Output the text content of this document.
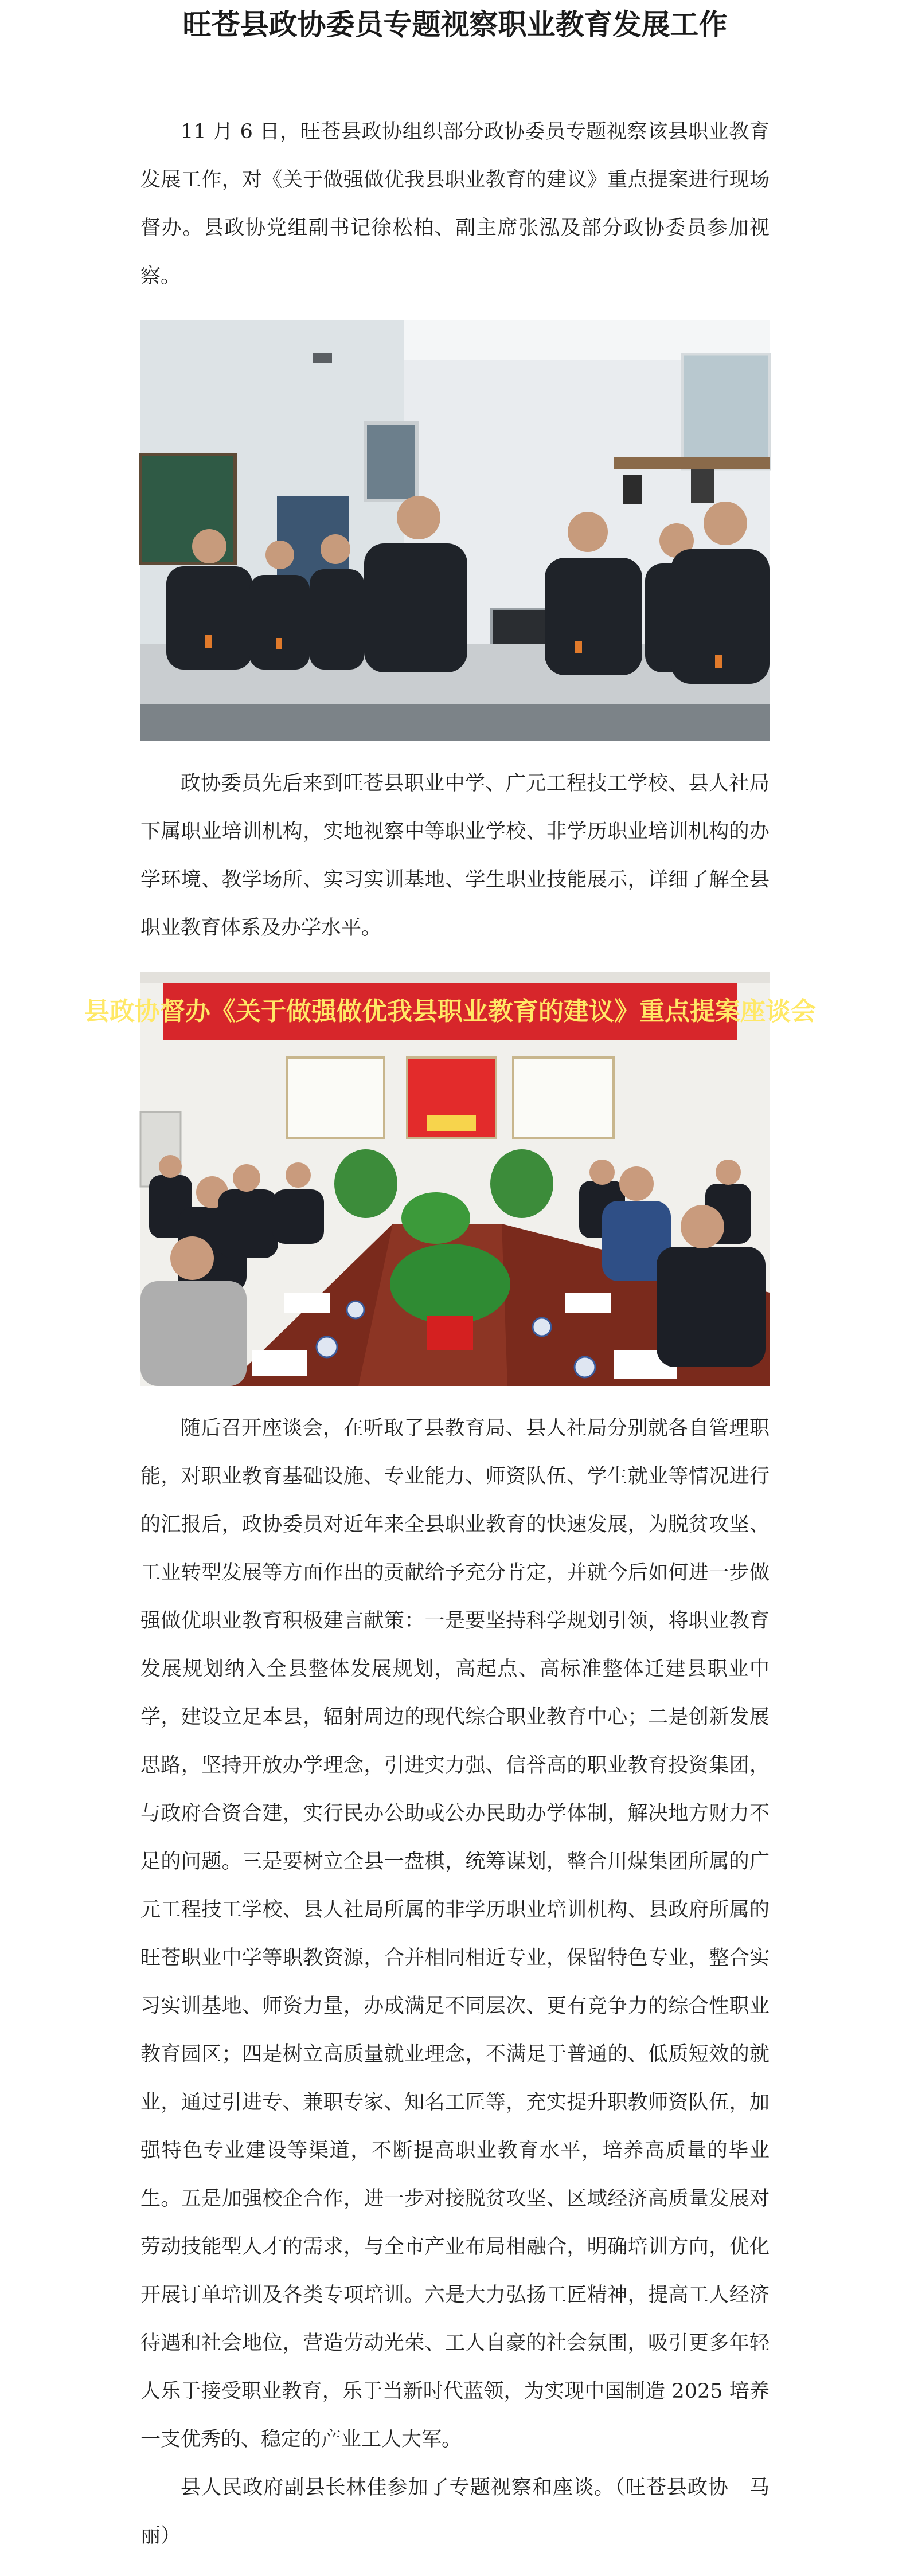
旺苍县政协委员专题视察职业教育发展工作

11 月 6 日，旺苍县政协组织部分政协委员专题视察该县职业教育发展工作，对《关于做强做优我县职业教育的建议》重点提案进行现场督办。县政协党组副书记徐松柏、副主席张泓及部分政协委员参加视察。

政协委员先后来到旺苍县职业中学、广元工程技工学校、县人社局下属职业培训机构，实地视察中等职业学校、非学历职业培训机构的办学环境、教学场所、实习实训基地、学生职业技能展示，详细了解全县职业教育体系及办学水平。

县政协督办《关于做强做优我县职业教育的建议》重点提案座谈会

随后召开座谈会，在听取了县教育局、县人社局分别就各自管理职能，对职业教育基础设施、专业能力、师资队伍、学生就业等情况进行的汇报后，政协委员对近年来全县职业教育的快速发展，为脱贫攻坚、工业转型发展等方面作出的贡献给予充分肯定，并就今后如何进一步做强做优职业教育积极建言献策：一是要坚持科学规划引领，将职业教育发展规划纳入全县整体发展规划，高起点、高标准整体迁建县职业中学，建设立足本县，辐射周边的现代综合职业教育中心；二是创新发展思路，坚持开放办学理念，引进实力强、信誉高的职业教育投资集团，与政府合资合建，实行民办公助或公办民助办学体制，解决地方财力不足的问题。三是要树立全县一盘棋，统筹谋划，整合川煤集团所属的广元工程技工学校、县人社局所属的非学历职业培训机构、县政府所属的旺苍职业中学等职教资源，合并相同相近专业，保留特色专业，整合实习实训基地、师资力量，办成满足不同层次、更有竞争力的综合性职业教育园区；四是树立高质量就业理念，不满足于普通的、低质短效的就业，通过引进专、兼职专家、知名工匠等，充实提升职教师资队伍，加强特色专业建设等渠道，不断提高职业教育水平，培养高质量的毕业生。五是加强校企合作，进一步对接脱贫攻坚、区域经济高质量发展对劳动技能型人才的需求，与全市产业布局相融合，明确培训方向，优化开展订单培训及各类专项培训。六是大力弘扬工匠精神，提高工人经济待遇和社会地位，营造劳动光荣、工人自豪的社会氛围，吸引更多年轻人乐于接受职业教育，乐于当新时代蓝领，为实现中国制造 2025 培养一支优秀的、稳定的产业工人大军。

县人民政府副县长林佳参加了专题视察和座谈。（旺苍县政协　马丽）
